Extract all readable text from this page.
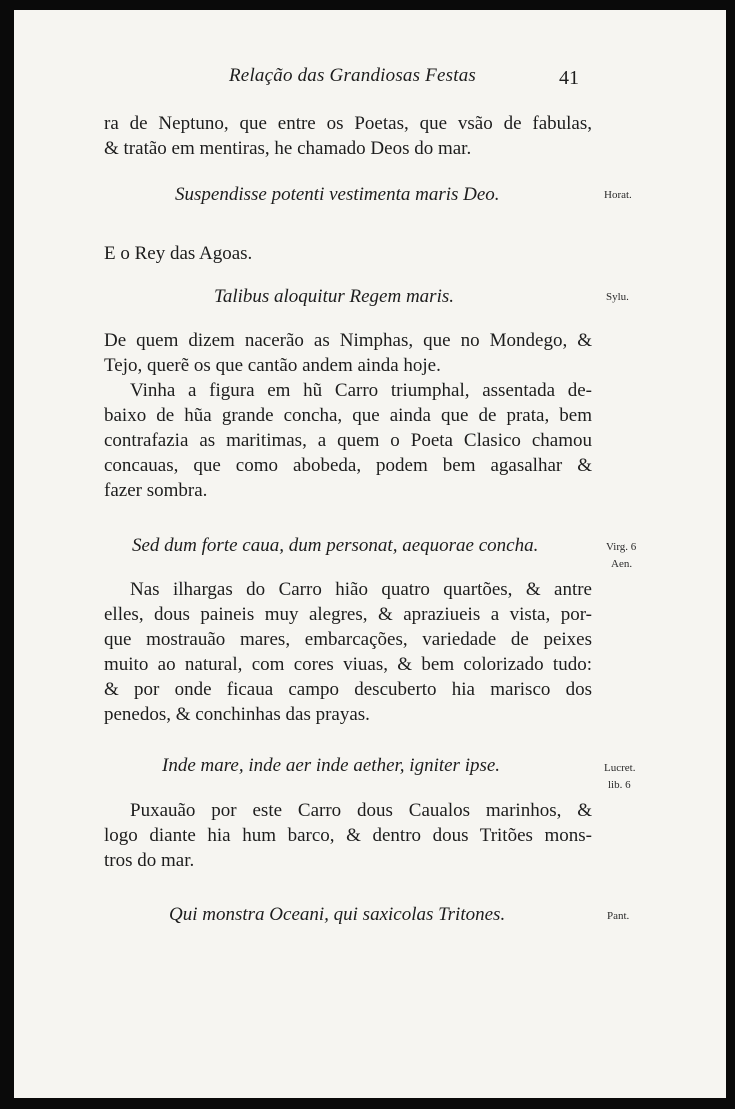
Relação das Grandiosas Festas	41
ra de Neptuno, que entre os Poetas, que vsão de fabulas,
& tratão em mentiras, he chamado Deos do mar.
Suspendisse potenti vestimenta maris Deo.	Horat.
E o Rey das Agoas.
Talibus aloquitur Regem maris.	Sylu.
De quem dizem nacerão as Nimphas, que no Mondego, &
Tejo, querẽ os que cantão andem ainda hoje.
Vinha a figura em hũ Carro triumphal, assentada de-
baixo de hũa grande concha, que ainda que de prata, bem
contrafazia as maritimas, a quem o Poeta Clasico chamou
concauas, que como abobeda, podem bem agasalhar &
fazer sombra.
Sed dum forte caua, dum personat, aequorae concha.	Virg. 6
Aen.
Nas ilhargas do Carro hião quatro quartões, & antre
elles, dous paineis muy alegres, & apraziueis a vista, por-
que mostrauão mares, embarcações, variedade de peixes
muito ao natural, com cores viuas, & bem colorizado tudo:
& por onde ficaua campo descuberto hia marisco dos
penedos, & conchinhas das prayas.
Inde mare, inde aer inde aether, igniter ipse.	Lucret.
lib. 6
Puxauão por este Carro dous Caualos marinhos, &
logo diante hia hum barco, & dentro dous Tritões mons-
tros do mar.
Qui monstra Oceani, qui saxicolas Tritones.	Pant.
